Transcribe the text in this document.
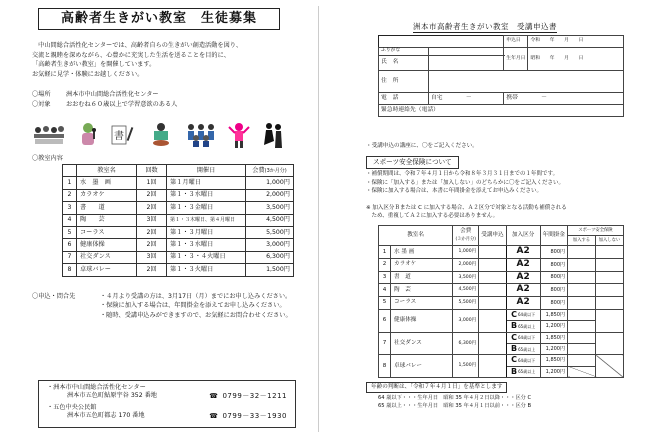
高齢者生きがい教室　生徒募集

　中山間総合活性化センターでは、高齢者自らの生きがい創造活動を図り、

交流と親睦を深めながら、心豊かに充実した生活を送ることを目的に、

「高齢者生きがい教室」を開催しています。

お気軽に見学・体験にお越しください。

〇場所	洲本市中山間総合活性化センター
〇対象	おおむね６０歳以上で学習意欲のある人
書
〇教室内容
	教室名	回数	開催日	会費(3か月分)
1	水　墨　画	1回	第１月曜日	1,000円
2	カラオケ	2回	第１・３水曜日	2,000円
3	書　　道	2回	第１・３金曜日	3,500円
4	陶　　芸	3回	第１・３木曜日、第４月曜日	4,500円
5	コーラス	2回	第１・３月曜日	5,500円
6	健康体操	2回	第１・３水曜日	3,000円
7	社交ダンス	3回	第１・３・４火曜日	6,300円
8	卓球バレー	2回	第１・３火曜日	1,500円
〇申込・問合先	・４月より受講の方は、3月17日（月）までにお申し込みください。
・保険に加入する場合は、年間掛金を添えてお申し込みください。
・随時、受講申込みができますので、お気軽にお問合わせください。
・洲本市中山間総合活性化センター
洲本市五色町鮎原宇谷 352 番地	☎ 0799－32－1211
・五色中央公民館
洲本市五色町都志 170 番地	☎ 0799－33－1930
洲本市高齢者生きがい教室　受講申込書
		申込日	令和　　 年　　 月　　 日
ふりがな		生年月日	昭和　　 年　　 月　　 日
氏　名			
住　所			
電　話	自宅　　　　 －	携帯　　　　 －	
緊急時連絡先（電話）			
・受講申込の講座に、〇をご記入ください。
スポーツ安全保険について
・補償期間は、令和７年４月１日から令和８年３月３１日までの１年間です。
・保険に「加入する」または「加入しない」のどちらかに〇をご記入ください。
・保険に加入する場合は、本書に年間掛金を添えてお申込みください。
※ 加入区分Ｂまたは C に加入する場合、Ａ２区分で対象となる活動も補償される
　ため、重複してＡ２に加入する必要はありません。
教室名		会費
(３か月分)	受講申込	加入区分	年間掛金	スポーツ安全保険	
						加入する	加入しない
1	水 墨 画	1,000円		A2	800円		
2	カラオケ	2,000円		A2	800円		
3	書　道	3,500円		A2	800円		
4	陶　芸	4,500円		A2	800円		
5	コーラス	5,500円		A2	800円		
6	健康体操	3,000円		C 64歳以下	1,850円		

				B 65歳以上	1,200円		
7	社交ダンス	6,300円		C 64歳以下	1,850円		

				B 65歳以上	1,200円		
8	卓球バレー	1,500円		C 64歳以下	1,850円		

				B 65歳以上	1,200円		
年齢の判断は、「令和７年４月１日」を基準とします
64 歳以下・・・生年月日　昭和 35 年４月２日以降・・・区分 C
65 歳以上・・・生年月日　昭和 35 年４月１日以前・・・区分 B
